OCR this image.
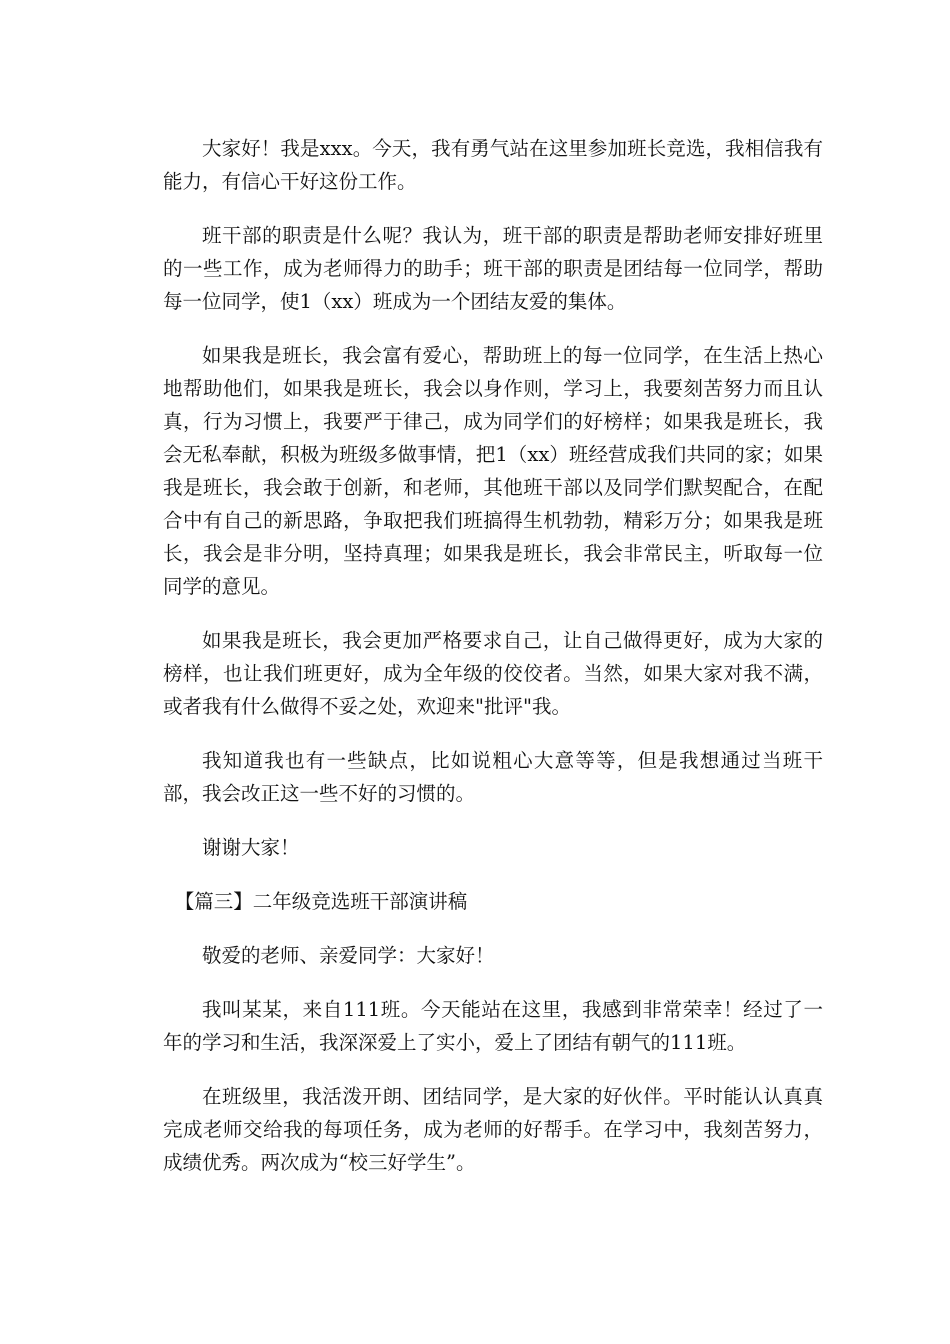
大家好！我是xxx。今天，我有勇气站在这里参加班长竞选，我相信我有能力，有信心干好这份工作。

班干部的职责是什么呢？我认为，班干部的职责是帮助老师安排好班里的一些工作，成为老师得力的助手；班干部的职责是团结每一位同学，帮助每一位同学，使1（xx）班成为一个团结友爱的集体。

如果我是班长，我会富有爱心，帮助班上的每一位同学，在生活上热心地帮助他们，如果我是班长，我会以身作则，学习上，我要刻苦努力而且认真，行为习惯上，我要严于律己，成为同学们的好榜样；如果我是班长，我会无私奉献，积极为班级多做事情，把1（xx）班经营成我们共同的家；如果我是班长，我会敢于创新，和老师，其他班干部以及同学们默契配合，在配合中有自己的新思路，争取把我们班搞得生机勃勃，精彩万分；如果我是班长，我会是非分明，坚持真理；如果我是班长，我会非常民主，听取每一位同学的意见。

如果我是班长，我会更加严格要求自己，让自己做得更好，成为大家的榜样，也让我们班更好，成为全年级的佼佼者。当然，如果大家对我不满，或者我有什么做得不妥之处，欢迎来"批评"我。

我知道我也有一些缺点，比如说粗心大意等等，但是我想通过当班干部，我会改正这一些不好的习惯的。

谢谢大家！

【篇三】二年级竞选班干部演讲稿

敬爱的老师、亲爱同学：大家好！

我叫某某，来自111班。今天能站在这里，我感到非常荣幸！经过了一年的学习和生活，我深深爱上了实小，爱上了团结有朝气的111班。

在班级里，我活泼开朗、团结同学，是大家的好伙伴。平时能认认真真完成老师交给我的每项任务，成为老师的好帮手。在学习中，我刻苦努力，成绩优秀。两次成为“校三好学生”。
